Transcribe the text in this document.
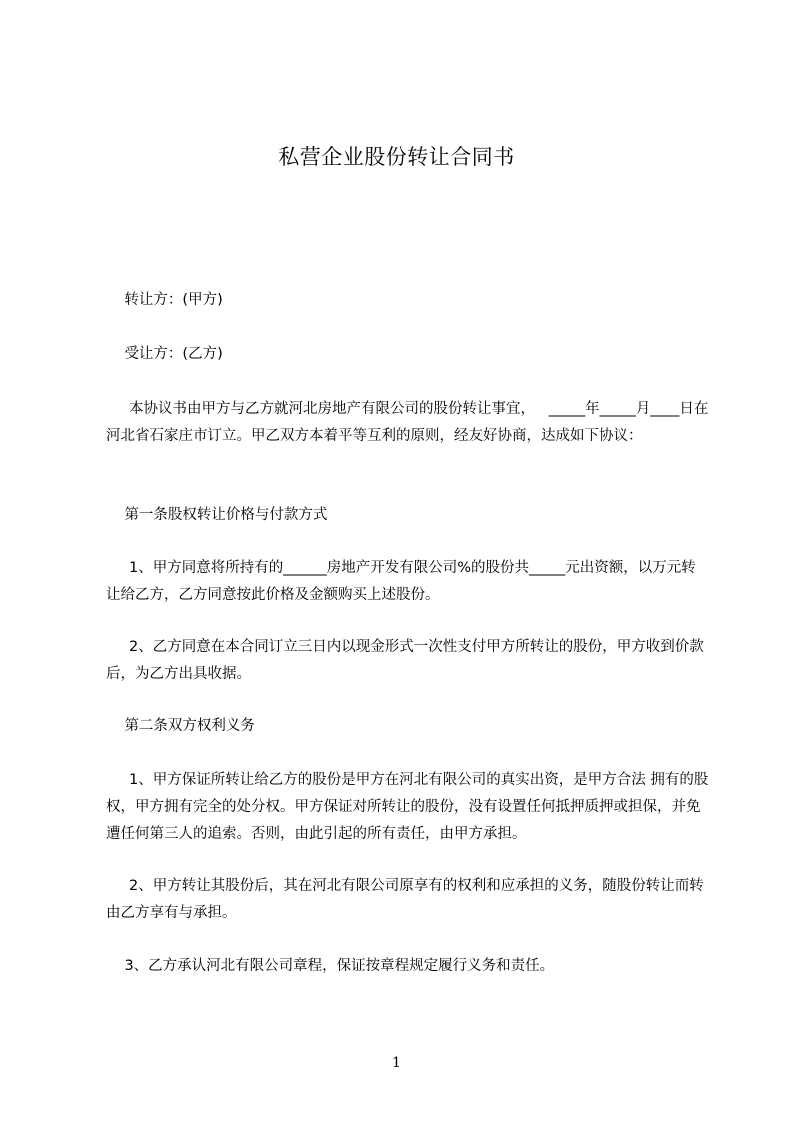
私营企业股份转让合同书

转让方：(甲方)

受让方：(乙方)

本协议书由甲方与乙方就河北房地产有限公司的股份转让事宜，   _____年_____月____日在河北省石家庄市订立。甲乙双方本着平等互利的原则，经友好协商，达成如下协议：

第一条股权转让价格与付款方式

1、甲方同意将所持有的______房地产开发有限公司%的股份共_____元出资额，以万元转让给乙方，乙方同意按此价格及金额购买上述股份。

2、乙方同意在本合同订立三日内以现金形式一次性支付甲方所转让的股份，甲方收到价款后，为乙方出具收据。

第二条双方权利义务

1、甲方保证所转让给乙方的股份是甲方在河北有限公司的真实出资，是甲方合法 拥有的股权，甲方拥有完全的处分权。甲方保证对所转让的股份，没有设置任何抵押质押或担保，并免遭任何第三人的追索。否则，由此引起的所有责任，由甲方承担。

2、甲方转让其股份后，其在河北有限公司原享有的权利和应承担的义务，随股份转让而转由乙方享有与承担。

3、乙方承认河北有限公司章程，保证按章程规定履行义务和责任。

1
